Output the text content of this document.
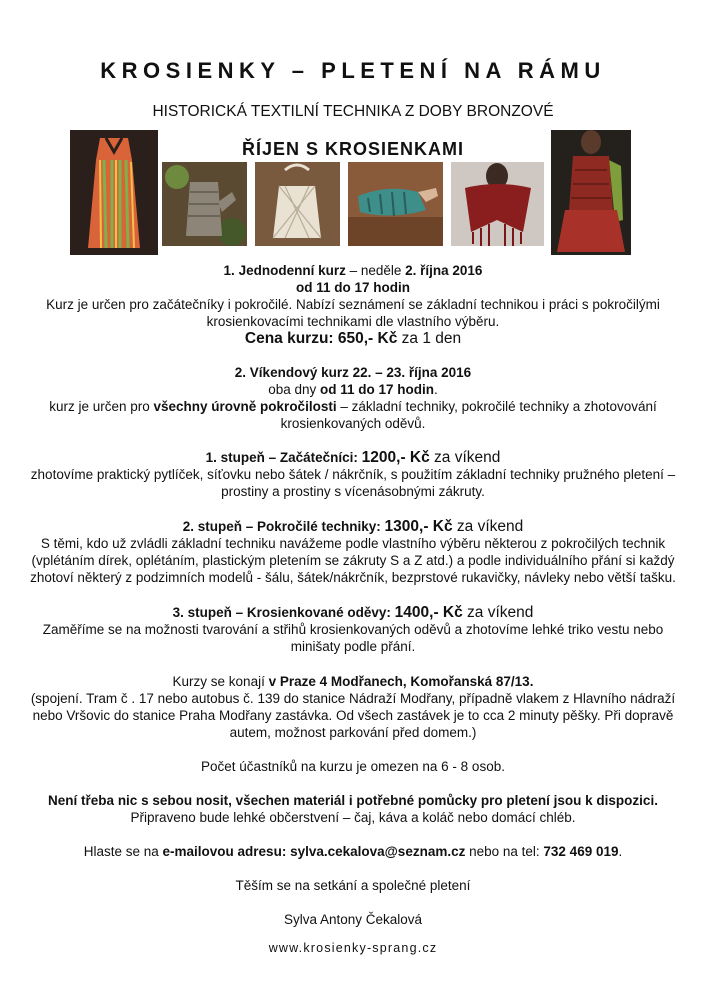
KROSIENKY – PLETENÍ NA RÁMU
HISTORICKÁ TEXTILNÍ TECHNIKA Z DOBY BRONZOVÉ
ŘÍJEN S KROSIENKAMI

1. Jednodenní kurz – neděle 2. října 2016

od 11 do 17 hodin

Kurz je určen pro začátečníky i pokročilé. Nabízí seznámení se základní technikou i práci s pokročilými krosienkovacími technikami dle vlastního výběru.

Cena kurzu: 650,- Kč za 1 den

2. Víkendový kurz 22. – 23. října 2016

oba dny od 11 do 17 hodin.

kurz je určen pro všechny úrovně pokročilosti – základní techniky, pokročilé techniky a zhotovování krosienkovaných oděvů.

1. stupeň – Začátečníci: 1200,- Kč za víkend

zhotovíme praktický pytlíček, síťovku nebo šátek / nákrčník, s použitím základní techniky pružného pletení – prostiny a prostiny s vícenásobnými zákruty.

2. stupeň – Pokročilé techniky: 1300,- Kč za víkend

S těmi, kdo už zvládli základní techniku navážeme podle vlastního výběru některou z pokročilých technik (vplétáním dírek, oplétáním, plastickým pletením se zákruty S a Z atd.) a podle individuálního přání si každý zhotoví některý z podzimních modelů - šálu, šátek/nákrčník, bezprstové rukavičky, návleky nebo větší tašku.

3. stupeň – Krosienkované oděvy: 1400,- Kč za víkend

Zaměříme se na možnosti tvarování a střihů krosienkovaných oděvů a zhotovíme lehké triko vestu nebo minišaty podle přání.

Kurzy se konají v Praze 4 Modřanech, Komořanská 87/13.

(spojení. Tram č . 17 nebo autobus č. 139 do stanice Nádraží Modřany, případně vlakem z Hlavního nádraží nebo Vršovic do stanice Praha Modřany zastávka. Od všech zastávek je to cca 2 minuty pěšky. Při dopravě autem, možnost parkování před domem.)

Počet účastníků na kurzu je omezen na 6 - 8 osob.

Není třeba nic s sebou nosit, všechen materiál i potřebné pomůcky pro pletení jsou k dispozici. Připraveno bude lehké občerstvení – čaj, káva a koláč nebo domácí chléb.

Hlaste se na e-mailovou adresu: sylva.cekalova@seznam.cz nebo na tel: 732 469 019.

Těším se na setkání a společné pletení

Sylva Antony Čekalová

www.krosienky-sprang.cz
